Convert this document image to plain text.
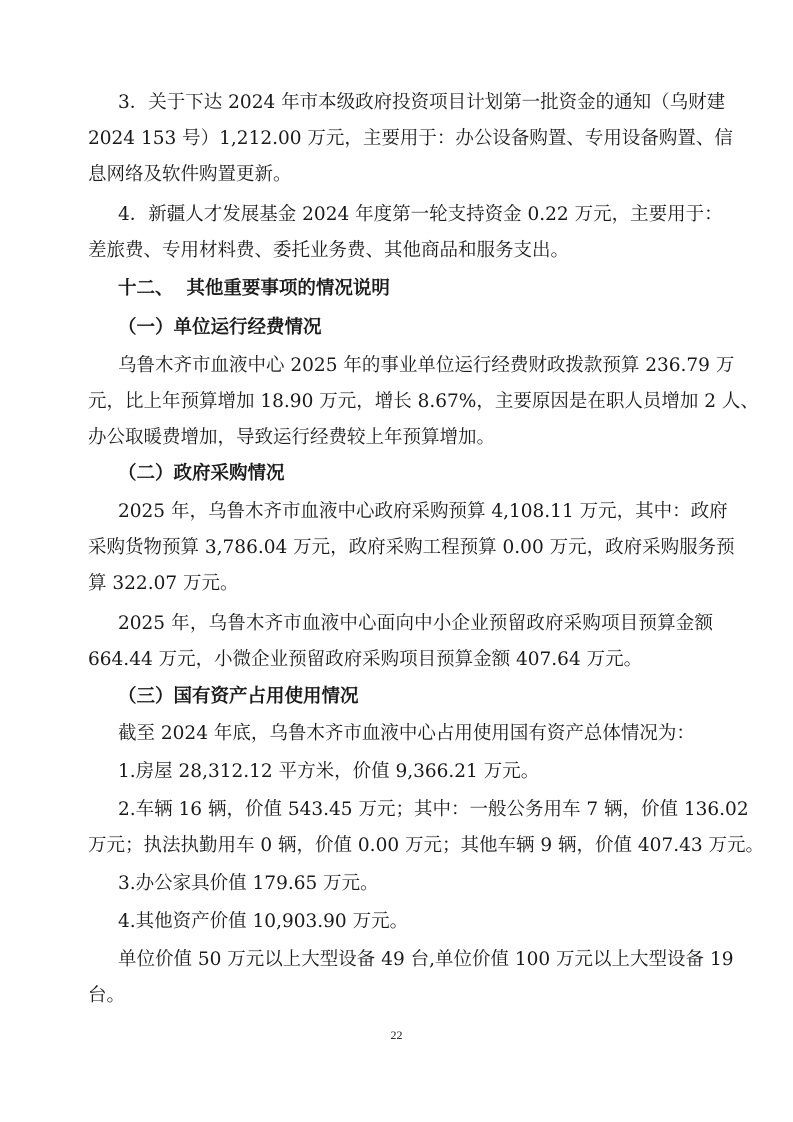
3．关于下达 2024 年市本级政府投资项目计划第一批资金的通知（乌财建
2024 153 号）1,212.00 万元，主要用于：办公设备购置、专用设备购置、信
息网络及软件购置更新。
4．新疆人才发展基金 2024 年度第一轮支持资金 0.22 万元，主要用于：
差旅费、专用材料费、委托业务费、其他商品和服务支出。
十二、  其他重要事项的情况说明
（一）单位运行经费情况
乌鲁木齐市血液中心 2025 年的事业单位运行经费财政拨款预算 236.79 万
元，比上年预算增加 18.90 万元，增长 8.67%，主要原因是在职人员增加 2 人、
办公取暖费增加，导致运行经费较上年预算增加。
（二）政府采购情况
2025 年，乌鲁木齐市血液中心政府采购预算 4,108.11 万元，其中：政府
采购货物预算 3,786.04 万元，政府采购工程预算 0.00 万元，政府采购服务预
算 322.07 万元。
2025 年，乌鲁木齐市血液中心面向中小企业预留政府采购项目预算金额
664.44 万元，小微企业预留政府采购项目预算金额 407.64 万元。
（三）国有资产占用使用情况
截至 2024 年底，乌鲁木齐市血液中心占用使用国有资产总体情况为：
1.房屋 28,312.12 平方米，价值 9,366.21 万元。
2.车辆 16 辆，价值 543.45 万元；其中：一般公务用车 7 辆，价值 136.02
万元；执法执勤用车 0 辆，价值 0.00 万元；其他车辆 9 辆，价值 407.43 万元。
3.办公家具价值 179.65 万元。
4.其他资产价值 10,903.90 万元。
单位价值 50 万元以上大型设备 49 台,单位价值 100 万元以上大型设备 19
台。
22
